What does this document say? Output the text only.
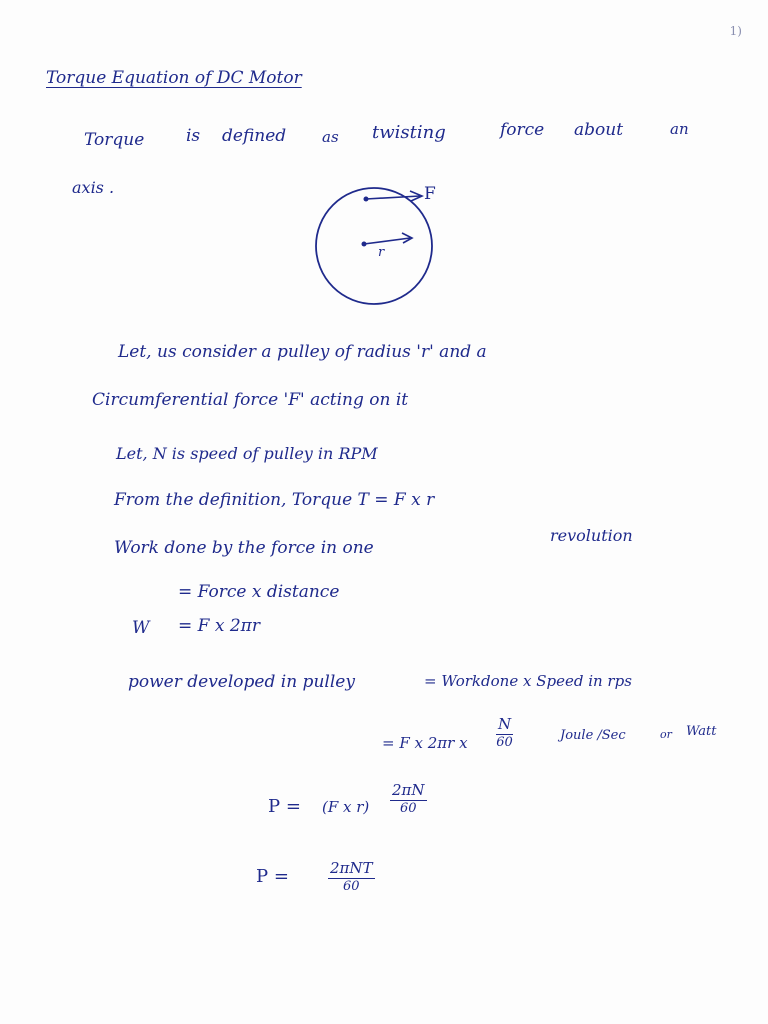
1)
Torque Equation of DC Motor
Torque is defined as twisting	force about	an
axis .	F
r
Let, us consider a pulley of radius 'r' and a
Circumferential force 'F' acting on it
Let, N is speed of pulley in RPM
From the definition, Torque T = F x r
Work done by the force in one
revolution
= Force x distance
W = F x 2πr
power developed in pulley	= Workdone x Speed in rps
= F x 2πr x $\frac{N}{60}$	Joule /Sec	or Watt
P = (F x $r) \frac{2\pi N}{60}$
P =	2πNT
60
